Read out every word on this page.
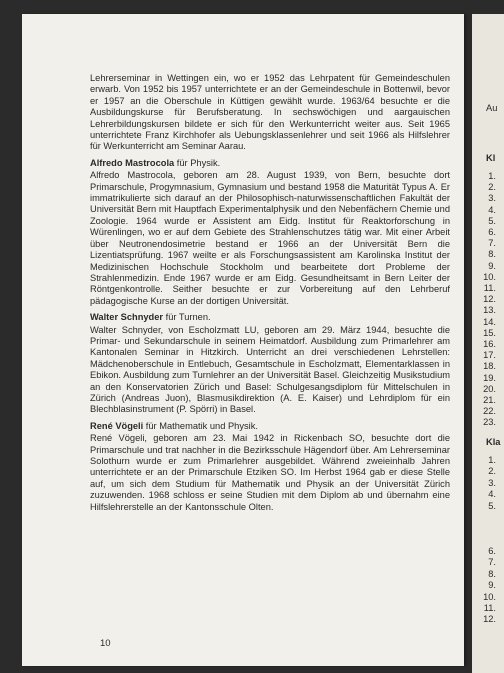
Lehrerseminar in Wettingen ein, wo er 1952 das Lehrpatent für Gemeindeschulen erwarb. Von 1952 bis 1957 unterrichtete er an der Gemeindeschule in Bottenwil, bevor er 1957 an die Oberschule in Küttigen gewählt wurde. 1963/64 besuchte er die Ausbildungskurse für Berufsberatung. In sechswöchigen und aargauischen Lehrerbildungskursen bildete er sich für den Werkunterricht weiter aus. Seit 1965 unterrichtete Franz Kirchhofer als Uebungsklassenlehrer und seit 1966 als Hilfslehrer für Werkunterricht am Seminar Aarau.

Alfredo Mastrocola für Physik.

Alfredo Mastrocola, geboren am 28. August 1939, von Bern, besuchte dort Primarschule, Progymnasium, Gymnasium und bestand 1958 die Maturität Typus A. Er immatrikulierte sich darauf an der Philosophisch-naturwissenschaftlichen Fakultät der Universität Bern mit Hauptfach Experimentalphysik und den Nebenfächern Chemie und Zoologie. 1964 wurde er Assistent am Eidg. Institut für Reaktorforschung in Würenlingen, wo er auf dem Gebiete des Strahlenschutzes tätig war. Mit einer Arbeit über Neutronendosimetrie bestand er 1966 an der Universität Bern die Lizentiatsprüfung. 1967 weilte er als Forschungsassistent am Karolinska Institut der Medizinischen Hochschule Stockholm und bearbeitete dort Probleme der Strahlenmedizin. Ende 1967 wurde er am Eidg. Gesundheitsamt in Bern Leiter der Röntgenkontrolle. Seither besuchte er zur Vorbereitung auf den Lehrberuf pädagogische Kurse an der dortigen Universität.

Walter Schnyder für Turnen.

Walter Schnyder, von Escholzmatt LU, geboren am 29. März 1944, besuchte die Primar- und Sekundarschule in seinem Heimatdorf. Ausbildung zum Primarlehrer am Kantonalen Seminar in Hitzkirch. Unterricht an drei verschiedenen Lehrstellen: Mädchenoberschule in Entlebuch, Gesamtschule in Escholzmatt, Elementarklassen in Ebikon. Ausbildung zum Turnlehrer an der Universität Basel. Gleichzeitig Musikstudium an den Konservatorien Zürich und Basel: Schulgesangsdiplom für Mittelschulen in Zürich (Andreas Juon), Blasmusikdirektion (A. E. Kaiser) und Lehrdiplom für ein Blechblasinstrument (P. Spörri) in Basel.

René Vögeli für Mathematik und Physik.

René Vögeli, geboren am 23. Mai 1942 in Rickenbach SO, besuchte dort die Primarschule und trat nachher in die Bezirksschule Hägendorf über. Am Lehrerseminar Solothurn wurde er zum Primarlehrer ausgebildet. Während zweieinhalb Jahren unterrichtete er an der Primarschule Etziken SO. Im Herbst 1964 gab er diese Stelle auf, um sich dem Studium für Mathematik und Physik an der Universität Zürich zuzuwenden. 1968 schloss er seine Studien mit dem Diplom ab und übernahm eine Hilfslehrerstelle an der Kantonsschule Olten.

10
Au
Kl
Kla
1.
2.
3.
4.
5.
6.
7.
8.
9.
10.
11.
12.
13.
14.
15.
16.
17.
18.
19.
20.
21.
22.
23.
1.
2.
3.
4.
5.
6.
7.
8.
9.
10.
11.
12.
